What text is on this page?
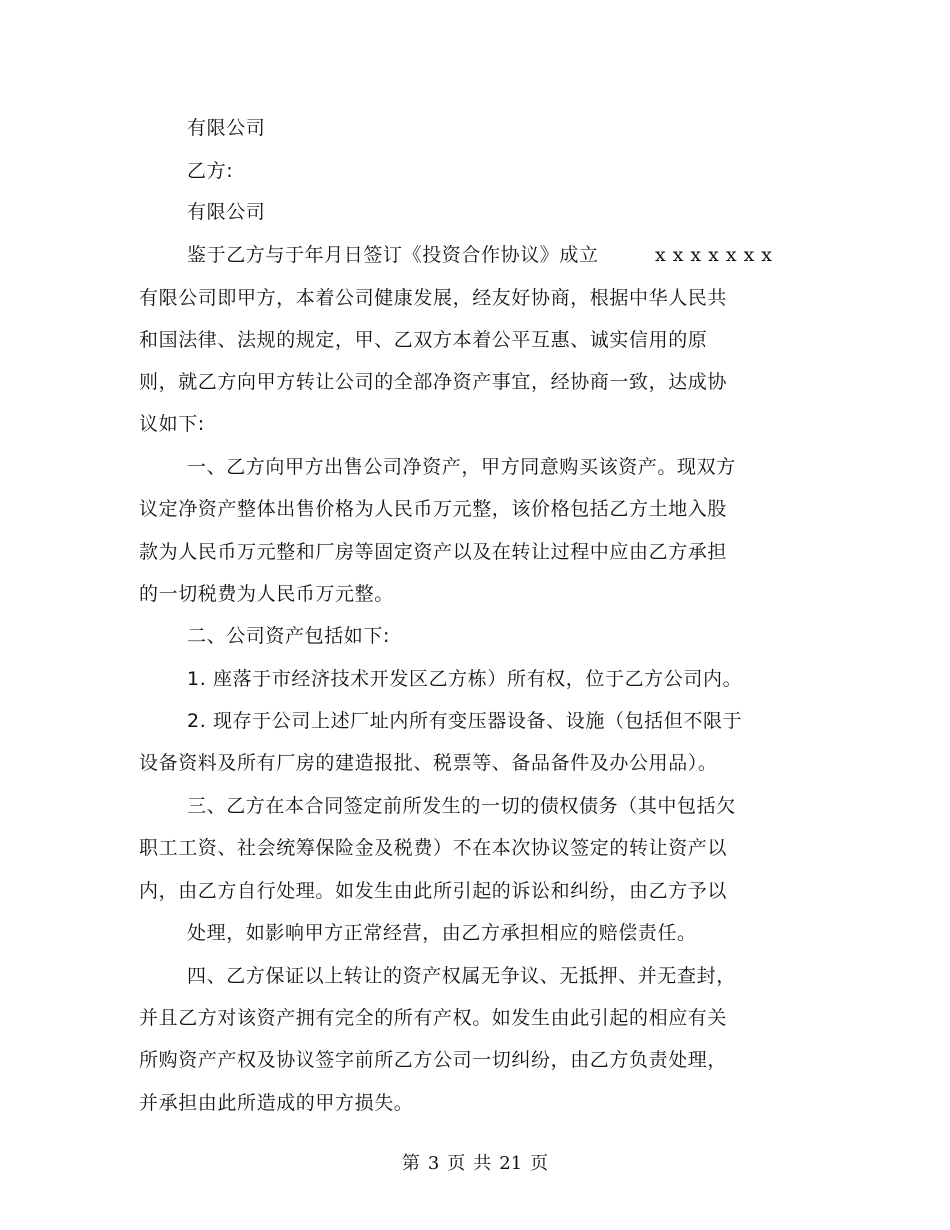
有限公司
乙方:
有限公司
鉴于乙方与于年月日签订《投资合作协议》成立	xxxxxxx
有限公司即甲方，本着公司健康发展，经友好协商，根据中华人民共
和国法律、法规的规定，甲、乙双方本着公平互惠、诚实信用的原
则，就乙方向甲方转让公司的全部净资产事宜，经协商一致，达成协
议如下:
一、乙方向甲方出售公司净资产，甲方同意购买该资产。现双方
议定净资产整体出售价格为人民币万元整，该价格包括乙方土地入股
款为人民币万元整和厂房等固定资产以及在转让过程中应由乙方承担
的一切税费为人民币万元整。
二、公司资产包括如下:
1. 座落于市经济技术开发区乙方栋）所有权，位于乙方公司内。
2. 现存于公司上述厂址内所有变压器设备、设施（包括但不限于
设备资料及所有厂房的建造报批、税票等、备品备件及办公用品）。
三、乙方在本合同签定前所发生的一切的债权债务（其中包括欠
职工工资、社会统筹保险金及税费）不在本次协议签定的转让资产以
内，由乙方自行处理。如发生由此所引起的诉讼和纠纷，由乙方予以
处理，如影响甲方正常经营，由乙方承担相应的赔偿责任。
四、乙方保证以上转让的资产权属无争议、无抵押、并无查封，
并且乙方对该资产拥有完全的所有产权。如发生由此引起的相应有关
所购资产产权及协议签字前所乙方公司一切纠纷，由乙方负责处理，
并承担由此所造成的甲方损失。
第 3 页 共 21 页
